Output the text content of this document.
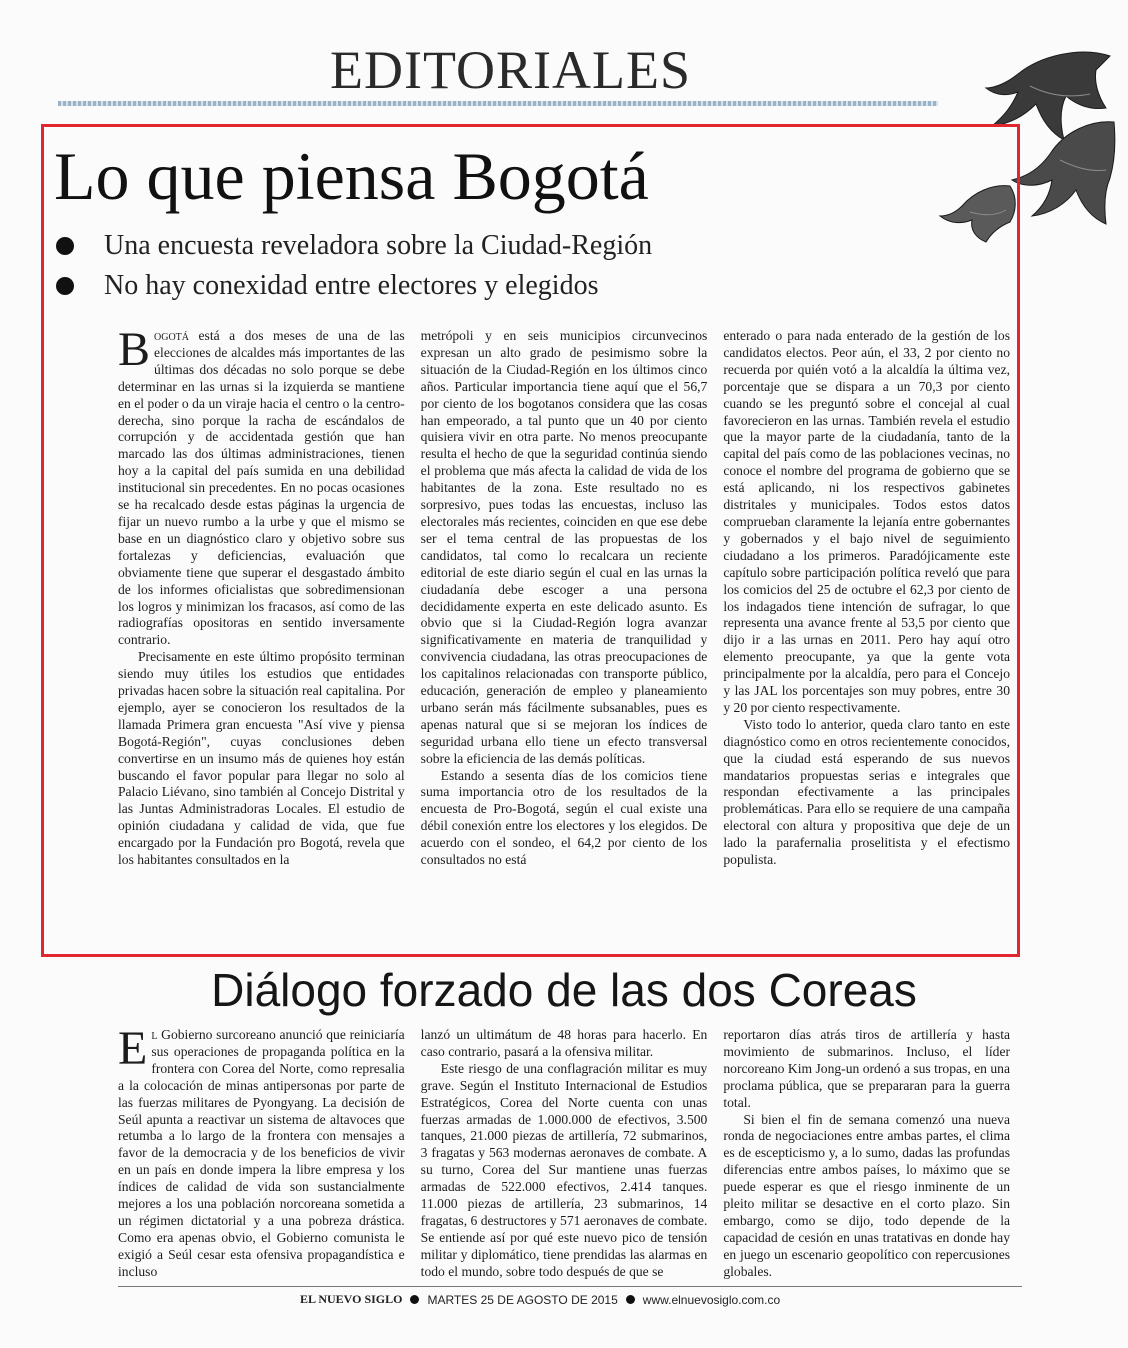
EDITORIALES
Lo que piensa Bogotá
Una encuesta reveladora sobre la Ciudad-Región
No hay conexidad entre electores y elegidos

Bogotá está a dos meses de una de las elecciones de alcaldes más importantes de las últimas dos décadas no solo porque se debe determinar en las urnas si la izquierda se mantiene en el poder o da un viraje hacia el centro o la centro-derecha, sino porque la racha de escándalos de corrupción y de accidentada gestión que han marcado las dos últimas administraciones, tienen hoy a la capital del país sumida en una debilidad institucional sin precedentes. En no pocas ocasiones se ha recalcado desde estas páginas la urgencia de fijar un nuevo rumbo a la urbe y que el mismo se base en un diagnóstico claro y objetivo sobre sus fortalezas y deficiencias, evaluación que obviamente tiene que superar el desgastado ámbito de los informes oficialistas que sobredimensionan los logros y minimizan los fracasos, así como de las radiografías opositoras en sentido inversamente contrario.

Precisamente en este último propósito terminan siendo muy útiles los estudios que entidades privadas hacen sobre la situación real capitalina. Por ejemplo, ayer se conocieron los resultados de la llamada Primera gran encuesta "Así vive y piensa Bogotá-Región", cuyas conclusiones deben convertirse en un insumo más de quienes hoy están buscando el favor popular para llegar no solo al Palacio Liévano, sino también al Concejo Distrital y las Juntas Administradoras Locales. El estudio de opinión ciudadana y calidad de vida, que fue encargado por la Fundación pro Bogotá, revela que los habitantes consultados en la

metrópoli y en seis municipios circunvecinos expresan un alto grado de pesimismo sobre la situación de la Ciudad-Región en los últimos cinco años. Particular importancia tiene aquí que el 56,7 por ciento de los bogotanos considera que las cosas han empeorado, a tal punto que un 40 por ciento quisiera vivir en otra parte. No menos preocupante resulta el hecho de que la seguridad continúa siendo el problema que más afecta la calidad de vida de los habitantes de la zona. Este resultado no es sorpresivo, pues todas las encuestas, incluso las electorales más recientes, coinciden en que ese debe ser el tema central de las propuestas de los candidatos, tal como lo recalcara un reciente editorial de este diario según el cual en las urnas la ciudadanía debe escoger a una persona decididamente experta en este delicado asunto. Es obvio que si la Ciudad-Región logra avanzar significativamente en materia de tranquilidad y convivencia ciudadana, las otras preocupaciones de los capitalinos relacionadas con transporte público, educación, generación de empleo y planeamiento urbano serán más fácilmente subsanables, pues es apenas natural que si se mejoran los índices de seguridad urbana ello tiene un efecto transversal sobre la eficiencia de las demás políticas.

Estando a sesenta días de los comicios tiene suma importancia otro de los resultados de la encuesta de Pro-Bogotá, según el cual existe una débil conexión entre los electores y los elegidos. De acuerdo con el sondeo, el 64,2 por ciento de los consultados no está

enterado o para nada enterado de la gestión de los candidatos electos. Peor aún, el 33, 2 por ciento no recuerda por quién votó a la alcaldía la última vez, porcentaje que se dispara a un 70,3 por ciento cuando se les preguntó sobre el concejal al cual favorecieron en las urnas. También revela el estudio que la mayor parte de la ciudadanía, tanto de la capital del país como de las poblaciones vecinas, no conoce el nombre del programa de gobierno que se está aplicando, ni los respectivos gabinetes distritales y municipales. Todos estos datos comprueban claramente la lejanía entre gobernantes y gobernados y el bajo nivel de seguimiento ciudadano a los primeros. Paradójicamente este capítulo sobre participación política reveló que para los comicios del 25 de octubre el 62,3 por ciento de los indagados tiene intención de sufragar, lo que representa una avance frente al 53,5 por ciento que dijo ir a las urnas en 2011. Pero hay aquí otro elemento preocupante, ya que la gente vota principalmente por la alcaldía, pero para el Concejo y las JAL los porcentajes son muy pobres, entre 30 y 20 por ciento respectivamente.

Visto todo lo anterior, queda claro tanto en este diagnóstico como en otros recientemente conocidos, que la ciudad está esperando de sus nuevos mandatarios propuestas serias e integrales que respondan efectivamente a las principales problemáticas. Para ello se requiere de una campaña electoral con altura y propositiva que deje de un lado la parafernalia proselitista y el efectismo populista.

Diálogo forzado de las dos Coreas

El Gobierno surcoreano anunció que reiniciaría sus operaciones de propaganda política en la frontera con Corea del Norte, como represalia a la colocación de minas antipersonas por parte de las fuerzas militares de Pyongyang. La decisión de Seúl apunta a reactivar un sistema de altavoces que retumba a lo largo de la frontera con mensajes a favor de la democracia y de los beneficios de vivir en un país en donde impera la libre empresa y los índices de calidad de vida son sustancialmente mejores a los una población norcoreana sometida a un régimen dictatorial y a una pobreza drástica. Como era apenas obvio, el Gobierno comunista le exigió a Seúl cesar esta ofensiva propagandística e incluso

lanzó un ultimátum de 48 horas para hacerlo. En caso contrario, pasará a la ofensiva militar.

Este riesgo de una conflagración militar es muy grave. Según el Instituto Internacional de Estudios Estratégicos, Corea del Norte cuenta con unas fuerzas armadas de 1.000.000 de efectivos, 3.500 tanques, 21.000 piezas de artillería, 72 submarinos, 3 fragatas y 563 modernas aeronaves de combate. A su turno, Corea del Sur mantiene unas fuerzas armadas de 522.000 efectivos, 2.414 tanques. 11.000 piezas de artillería, 23 submarinos, 14 fragatas, 6 destructores y 571 aeronaves de combate. Se entiende así por qué este nuevo pico de tensión militar y diplomático, tiene prendidas las alarmas en todo el mundo, sobre todo después de que se

reportaron días atrás tiros de artillería y hasta movimiento de submarinos. Incluso, el líder norcoreano Kim Jong-un ordenó a sus tropas, en una proclama pública, que se prepararan para la guerra total.

Si bien el fin de semana comenzó una nueva ronda de negociaciones entre ambas partes, el clima es de escepticismo y, a lo sumo, dadas las profundas diferencias entre ambos países, lo máximo que se puede esperar es que el riesgo inminente de un pleito militar se desactive en el corto plazo. Sin embargo, como se dijo, todo depende de la capacidad de cesión en unas tratativas en donde hay en juego un escenario geopolítico con repercusiones globales.

EL NUEVO SIGLO MARTES 25 DE AGOSTO DE 2015 www.elnuevosiglo.com.co
